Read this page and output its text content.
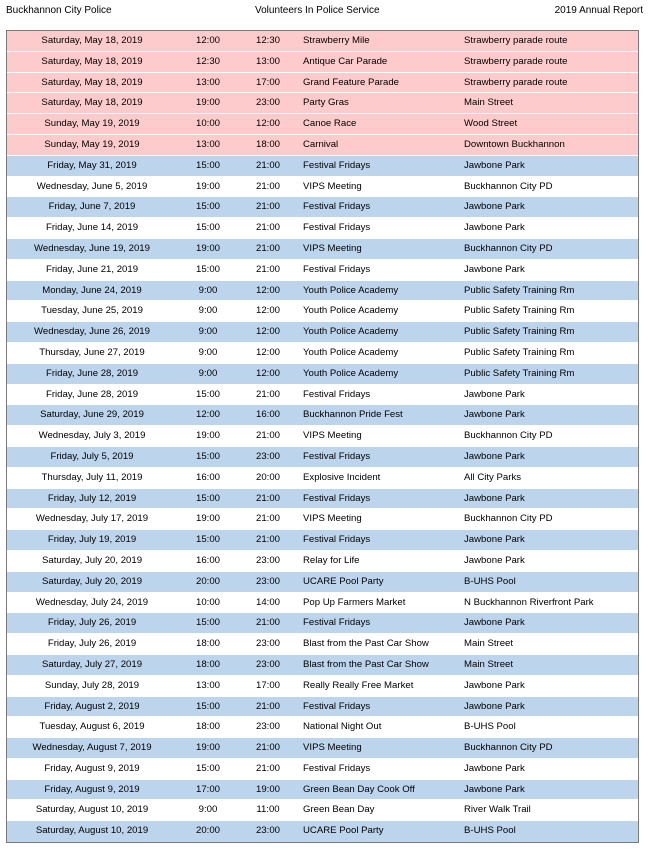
Buckhannon City Police	Volunteers In Police Service	2019 Annual Report
Saturday, May 18, 2019	12:00	12:30	Strawberry Mile	Strawberry parade route
Saturday, May 18, 2019	12:30	13:00	Antique Car Parade	Strawberry parade route
Saturday, May 18, 2019	13:00	17:00	Grand Feature Parade	Strawberry parade route
Saturday, May 18, 2019	19:00	23:00	Party Gras	Main Street
Sunday, May 19, 2019	10:00	12:00	Canoe Race	Wood Street
Sunday, May 19, 2019	13:00	18:00	Carnival	Downtown Buckhannon
Friday, May 31, 2019	15:00	21:00	Festival Fridays	Jawbone Park
Wednesday, June 5, 2019	19:00	21:00	VIPS Meeting	Buckhannon City PD
Friday, June 7, 2019	15:00	21:00	Festival Fridays	Jawbone Park
Friday, June 14, 2019	15:00	21:00	Festival Fridays	Jawbone Park
Wednesday, June 19, 2019	19:00	21:00	VIPS Meeting	Buckhannon City PD
Friday, June 21, 2019	15:00	21:00	Festival Fridays	Jawbone Park
Monday, June 24, 2019	9:00	12:00	Youth Police Academy	Public Safety Training Rm
Tuesday, June 25, 2019	9:00	12:00	Youth Police Academy	Public Safety Training Rm
Wednesday, June 26, 2019	9:00	12:00	Youth Police Academy	Public Safety Training Rm
Thursday, June 27, 2019	9:00	12:00	Youth Police Academy	Public Safety Training Rm
Friday, June 28, 2019	9:00	12:00	Youth Police Academy	Public Safety Training Rm
Friday, June 28, 2019	15:00	21:00	Festival Fridays	Jawbone Park
Saturday, June 29, 2019	12:00	16:00	Buckhannon Pride Fest	Jawbone Park
Wednesday, July 3, 2019	19:00	21:00	VIPS Meeting	Buckhannon City PD
Friday, July 5, 2019	15:00	23:00	Festival Fridays	Jawbone Park
Thursday, July 11, 2019	16:00	20:00	Explosive Incident	All City Parks
Friday, July 12, 2019	15:00	21:00	Festival Fridays	Jawbone Park
Wednesday, July 17, 2019	19:00	21:00	VIPS Meeting	Buckhannon City PD
Friday, July 19, 2019	15:00	21:00	Festival Fridays	Jawbone Park
Saturday, July 20, 2019	16:00	23:00	Relay for Life	Jawbone Park
Saturday, July 20, 2019	20:00	23:00	UCARE Pool Party	B-UHS Pool
Wednesday, July 24, 2019	10:00	14:00	Pop Up Farmers Market	N Buckhannon Riverfront Park
Friday, July 26, 2019	15:00	21:00	Festival Fridays	Jawbone Park
Friday, July 26, 2019	18:00	23:00	Blast from the Past Car Show	Main Street
Saturday, July 27, 2019	18:00	23:00	Blast from the Past Car Show	Main Street
Sunday, July 28, 2019	13:00	17:00	Really Really Free Market	Jawbone Park
Friday, August 2, 2019	15:00	21:00	Festival Fridays	Jawbone Park
Tuesday, August 6, 2019	18:00	23:00	National Night Out	B-UHS Pool
Wednesday, August 7, 2019	19:00	21:00	VIPS Meeting	Buckhannon City PD
Friday, August 9, 2019	15:00	21:00	Festival Fridays	Jawbone Park
Friday, August 9, 2019	17:00	19:00	Green Bean Day Cook Off	Jawbone Park
Saturday, August 10, 2019	9:00	11:00	Green Bean Day	River Walk Trail
Saturday, August 10, 2019	20:00	23:00	UCARE Pool Party	B-UHS Pool
